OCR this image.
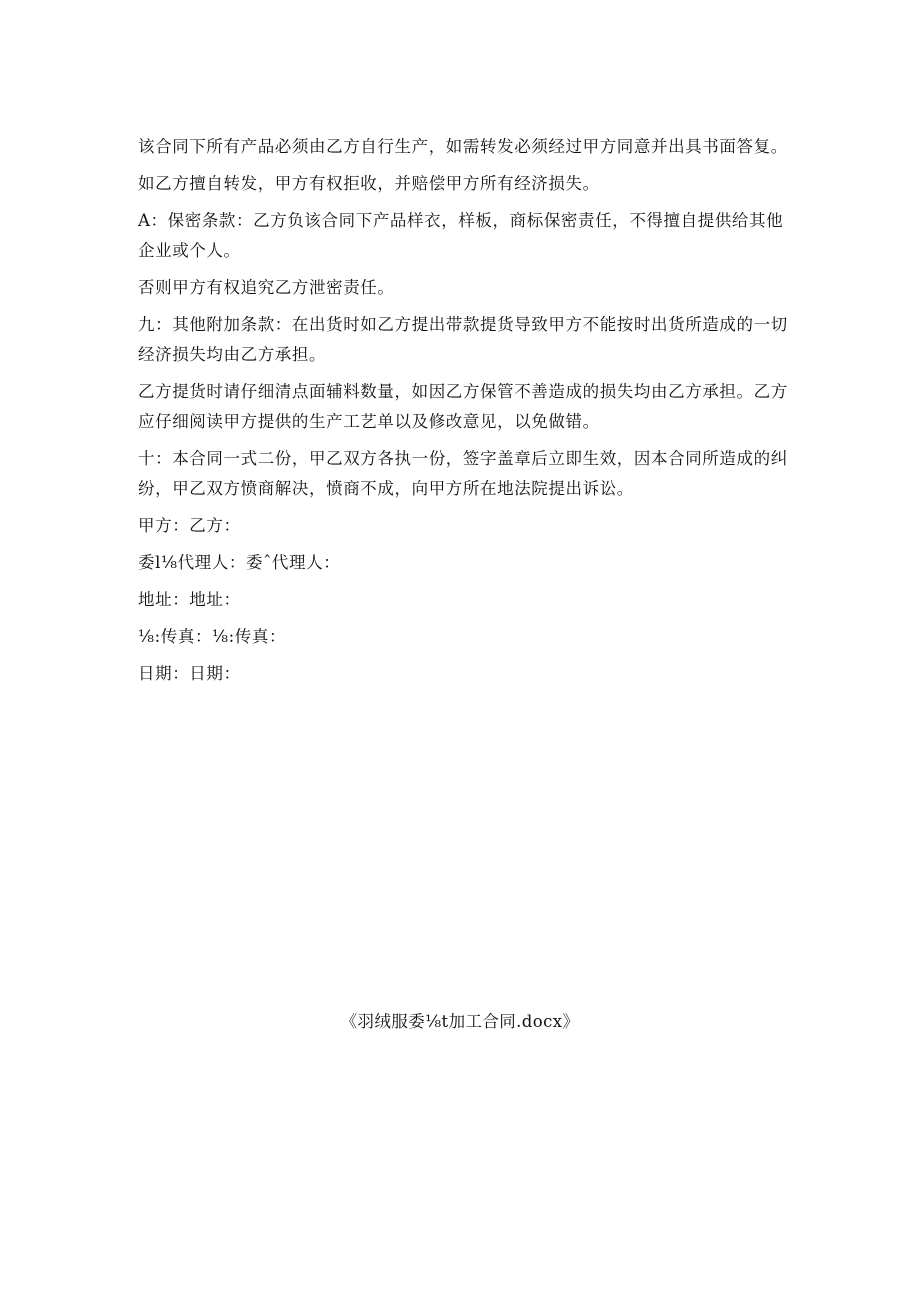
该合同下所有产品必须由乙方自行生产，如需转发必须经过甲方同意并出具书面答复。
如乙方擅自转发，甲方有权拒收，并赔偿甲方所有经济损失。
A：保密条款：乙方负该合同下产品样衣，样板，商标保密责任，不得擅自提供给其他
企业或个人。
否则甲方有权追究乙方泄密责任。
九：其他附加条款：在出货时如乙方提出带款提货导致甲方不能按时出货所造成的一切
经济损失均由乙方承担。
乙方提货时请仔细清点面辅料数量，如因乙方保管不善造成的损失均由乙方承担。乙方
应仔细阅读甲方提供的生产工艺单以及修改意见，以免做错。
十：本合同一式二份，甲乙双方各执一份，签字盖章后立即生效，因本合同所造成的纠
纷，甲乙双方愤商解决，愤商不成，向甲方所在地法院提出诉讼。
甲方：乙方：
委l⅛代理人：委ˆ代理人：
地址：地址：
⅛:传真：⅛:传真：
日期：日期：
《羽绒服委⅛t加工合同.docx》
